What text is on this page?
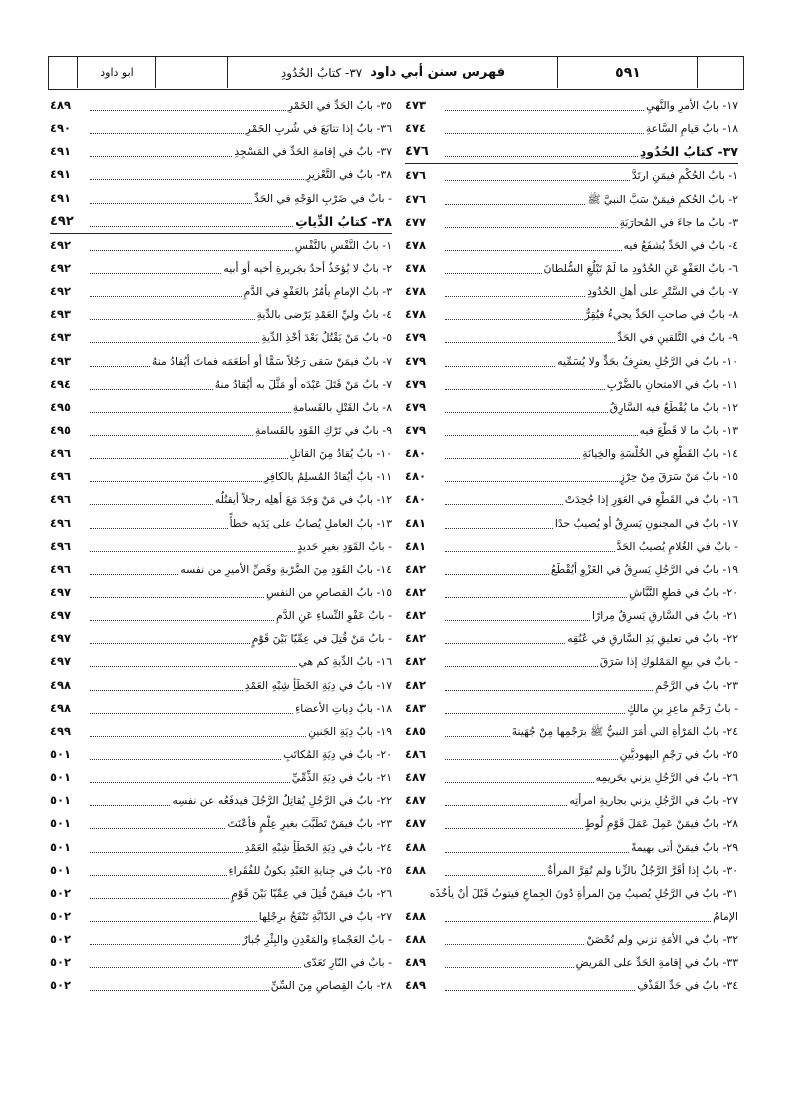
ابو داود	فهرس سنن أبي داود
٣٧- كتابُ الحُدُودِ	٥٩١
١٧- بابُ الأمرِ والنَّهيِ
٤٧٣
١٨- بابُ قيامِ السَّاعةِ
٤٧٤
٣٧- كتابُ الحُدُودِ
٤٧٦
١- بابُ الحُكْمِ فيمَنِ ارتَدَّ
٤٧٦
٢- بابُ الحُكمِ فيمَنْ سَبَّ النبيَّ ﷺ
٤٧٦
٣- بابُ ما جاءَ في المُحارَبَةِ
٤٧٧
٤- بابٌ في الحَدِّ يُشفَعُ فيه
٤٧٨
٦- بابُ العَفْوِ عَنِ الحُدُودِ ما لَمْ تَبْلُغِ السُّلطانَ
٤٧٨
٧- بابٌ في السَّتْرِ على أهلِ الحُدُودِ
٤٧٨
٨- بابٌ في صاحبِ الحَدِّ يجيءُ فيُقِرُّ
٤٧٨
٩- بابٌ في التَّلقينِ في الحَدِّ
٤٧٩
١٠- بابٌ في الرَّجُلِ يعترِفُ بحَدٍّ ولا يُسَمِّيه
٤٧٩
١١- بابٌ في الامتحانِ بالضَّرْبِ
٤٧٩
١٢- بابُ ما يُقْطَعُ فيه السَّارِقُ
٤٧٩
١٣- بابُ ما لا قَطْعَ فيه
٤٧٩
١٤- بابُ القَطْعِ في الخُلْسَةِ والخِيانَةِ
٤٨٠
١٥- بابُ مَنْ سَرَقَ مِنْ حِرْزٍ
٤٨٠
١٦- بابٌ في القَطْعِ في العَوَرِ إذا جُحِدَتْ
٤٨٠
١٧- بابٌ في المجنونِ يَسرِقُ أو يُصيبُ حدًا
٤٨١
- بابٌ في الغُلامِ يُصيبُ الحَدَّ
٤٨١
١٩- بابٌ في الرَّجُلِ يَسرِقُ في الغَزْوِ أيُقْطَعُ
٤٨٢
٢٠- بابٌ في قطعِ النَّبَّاشِ
٤٨٢
٢١- بابٌ في السَّارقِ يَسرِقُ مِرارًا
٤٨٢
٢٢- بابٌ في تعليقِ يَدِ السَّارقِ في عُنُقِه
٤٨٢
- بابٌ في بيعِ المَمْلوكِ إذا سَرَقَ
٤٨٢
٢٣- بابٌ في الرَّجْمِ
٤٨٢
- بابُ رَجْمِ ماعِزِ بنِ مالكٍ
٤٨٣
٢٤- بابُ المَرْأةِ التي أمَرَ النبيُّ ﷺ برَجْمِها مِنْ جُهَينةَ
٤٨٥
٢٥- بابٌ في رَجْمِ اليهوديَّينِ
٤٨٦
٢٦- بابٌ في الرَّجُلِ يزني بحَريمِه
٤٨٧
٢٧- بابٌ في الرَّجُلِ يزني بجاريةِ امرأتِه
٤٨٧
٢٨- بابٌ فيمَنْ عَمِلَ عَمَلَ قَوْمِ لُوطٍ
٤٨٧
٢٩- بابٌ فيمَنْ أتى بهيمةً
٤٨٨
٣٠- بابٌ إذا أقَرَّ الرَّجُلُ بالزِّنا ولم تُقِرَّ المرأةُ
٤٨٨
٣١- بابٌ في الرَّجُلِ يُصيبُ مِنَ المرأةِ دُونَ الجِماعِ فيتوبُ قَبْلَ أنْ يأخُذَه
الإمامُ
٤٨٨
٣٢- بابٌ في الأمَةِ تزني ولم تُحْصَنْ
٤٨٨
٣٣- بابٌ في إقامةِ الحَدِّ على المَريضِ
٤٨٩
٣٤- بابٌ في حَدِّ القَذْفِ
٤٨٩
٣٥- بابُ الحَدِّ في الخَمْرِ
٤٨٩
٣٦- بابٌ إذا تتابَعَ في شُربِ الخَمْرِ
٤٩٠
٣٧- بابٌ في إقامةِ الحَدِّ في المَسْجِدِ
٤٩١
٣٨- بابٌ في التَّعْزيرِ
٤٩١
- بابٌ في ضَرْبِ الوَجْهِ في الحَدِّ
٤٩١
٣٨- كتابُ الدِّياتِ
٤٩٢
١- بابُ النَّفْسِ بالنَّفْسِ
٤٩٢
٢- بابٌ لا يُؤخَذُ أحدٌ بجَريرةِ أخيه أو أبيه
٤٩٢
٣- بابُ الإمامِ يأمُرُ بالعَفْوِ في الدَّمِ
٤٩٢
٤- بابُ وليِّ العَمْدِ يَرْضى بالدِّيةِ
٤٩٣
٥- بابُ مَنْ يَقْتُلُ بَعْدَ أخْذِ الدِّيةِ
٤٩٣
٧- بابٌ فيمَنْ سَقى رَجُلاً سَمًّا أو أطعَمَه فماتَ أيُقادُ منهُ
٤٩٣
٧- بابُ مَنْ قَتَلَ عَبْدَه أو مَثَّلَ به أيُقادُ منهُ
٤٩٤
٨- بابُ القَتْلِ بالقَسامةِ
٤٩٥
٩- بابٌ في تَرْكِ القَوَدِ بالقَسامةِ
٤٩٥
١٠- بابُ يُقادُ مِنَ القاتلِ
٤٩٦
١١- بابُ أيُقادُ المُسلِمُ بالكافِرِ
٤٩٦
١٢- بابٌ في مَنْ وَجَدَ مَعَ أهلِه رجلاً أيقتُلُه
٤٩٦
١٣- بابُ العاملِ يُصابُ على يَدَيه خطأً
٤٩٦
- بابُ القَوَدِ بغيرِ حَديدٍ
٤٩٦
١٤- بابُ القَوَدِ مِنَ الضَّرْبةِ وقَصِّ الأميرِ من نفسه
٤٩٦
١٥- بابُ القصاصِ من النفسِ
٤٩٧
- بابُ عَفْوِ النِّساءِ عَنِ الدَّمِ
٤٩٧
- بابُ مَنْ قُتِلَ في عِمِّيّا بَيْنَ قَوْمٍ
٤٩٧
١٦- بابُ الدِّيةِ كم هي
٤٩٧
١٧- بابٌ في دِيَةِ الخَطَأِ شِبْهِ العَمْدِ
٤٩٨
١٨- بابُ دِياتِ الأعضاءِ
٤٩٨
١٩- بابُ دِيَةِ الجَنينِ
٤٩٩
٢٠- بابٌ في دِيَةِ المُكاتَبِ
٥٠١
٢١- بابٌ في دِيَةِ الذِّمِّيِّ
٥٠١
٢٢- بابٌ في الرَّجُلِ يُقاتِلُ الرَّجُلَ فيدفَعُه عن نفسِه
٥٠١
٢٣- بابٌ فيمَنْ تَطَبَّبَ بغيرِ عِلْمٍ فأعْنَتَ
٥٠١
٢٤- بابٌ في دِيَةِ الخَطَأِ شِبْهِ العَمْدِ
٥٠١
٢٥- بابٌ في جِنايةِ العَبْدِ يكونُ للفُقَراءِ
٥٠١
٢٦- بابٌ فيمَنْ قُتِلَ في عِمِّيّا بَيْنَ قَوْمٍ
٥٠٢
٢٧- بابٌ في الدّابَّةِ تَنْفَحُ برِجْلِها
٥٠٢
- بابُ العَجْماءِ والمَعْدِنِ والبِئْرِ جُبارٌ
٥٠٢
- بابٌ في النّارِ تَعَدّى
٥٠٢
٢٨- بابُ القِصاصِ مِنَ السِّنِّ
٥٠٢
